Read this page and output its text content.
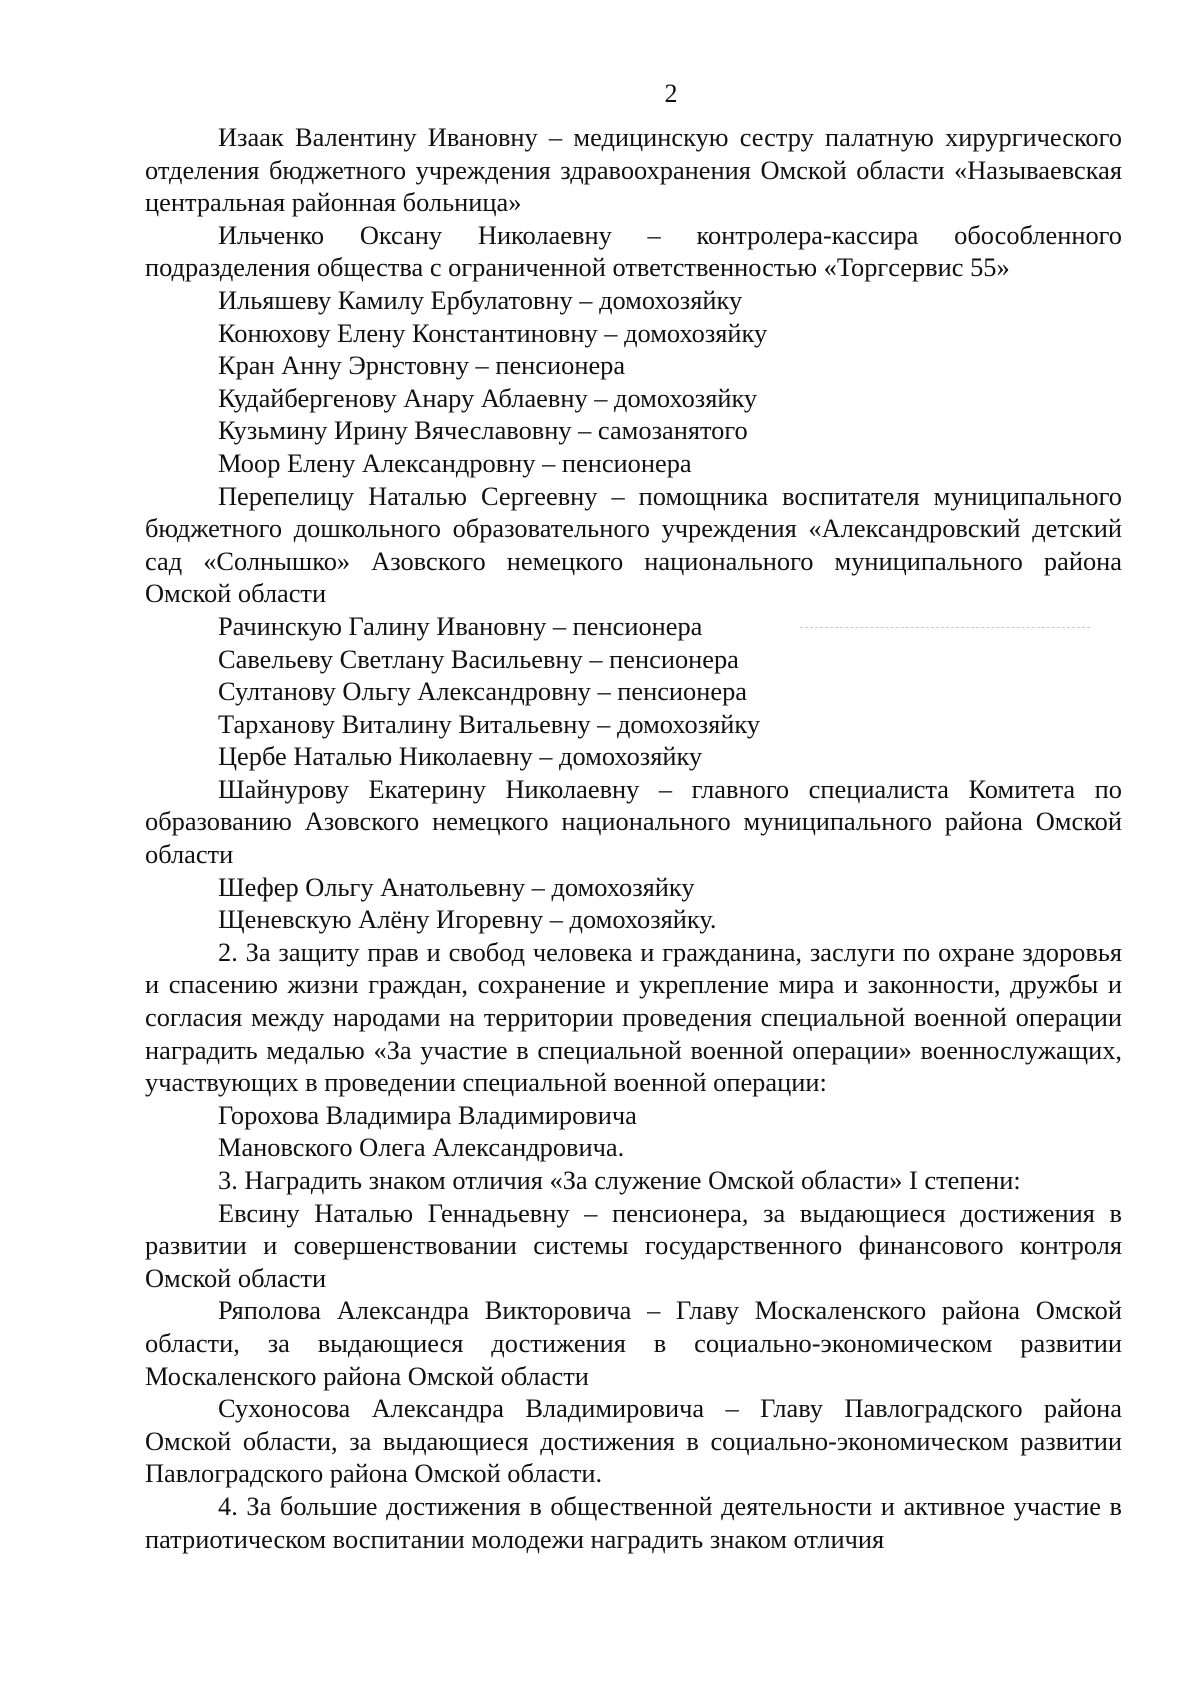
2

Изаак Валентину Ивановну – медицинскую сестру палатную хирургического отделения бюджетного учреждения здравоохранения Омской области «Называевская центральная районная больница»

Ильченко Оксану Николаевну – контролера-кассира обособленного подразделения общества с ограниченной ответственностью «Торгсервис 55»

Ильяшеву Камилу Ербулатовну – домохозяйку

Конюхову Елену Константиновну – домохозяйку

Кран Анну Эрнстовну – пенсионера

Кудайбергенову Анару Аблаевну – домохозяйку

Кузьмину Ирину Вячеславовну – самозанятого

Моор Елену Александровну – пенсионера

Перепелицу Наталью Сергеевну – помощника воспитателя муниципального бюджетного дошкольного образовательного учреждения «Александровский детский сад «Солнышко» Азовского немецкого национального муниципального района Омской области

Рачинскую Галину Ивановну – пенсионера

Савельеву Светлану Васильевну – пенсионера

Султанову Ольгу Александровну – пенсионера

Тарханову Виталину Витальевну – домохозяйку

Цербе Наталью Николаевну – домохозяйку

Шайнурову Екатерину Николаевну – главного специалиста Комитета по образованию Азовского немецкого национального муниципального района Омской области

Шефер Ольгу Анатольевну – домохозяйку

Щеневскую Алёну Игоревну – домохозяйку.

2. За защиту прав и свобод человека и гражданина, заслуги по охране здоровья и спасению жизни граждан, сохранение и укрепление мира и законности, дружбы и согласия между народами на территории проведения специальной военной операции наградить медалью «За участие в специальной военной операции» военнослужащих, участвующих в проведении специальной военной операции:

Горохова Владимира Владимировича

Мановского Олега Александровича.

3. Наградить знаком отличия «За служение Омской области» I степени:

Евсину Наталью Геннадьевну – пенсионера, за выдающиеся достижения в развитии и совершенствовании системы государственного финансового контроля Омской области

Ряполова Александра Викторовича – Главу Москаленского района Омской области, за выдающиеся достижения в социально-экономическом развитии Москаленского района Омской области

Сухоносова Александра Владимировича – Главу Павлоградского района Омской области, за выдающиеся достижения в социально-экономическом развитии Павлоградского района Омской области.

4. За большие достижения в общественной деятельности и активное участие в патриотическом воспитании молодежи наградить знаком отличия
